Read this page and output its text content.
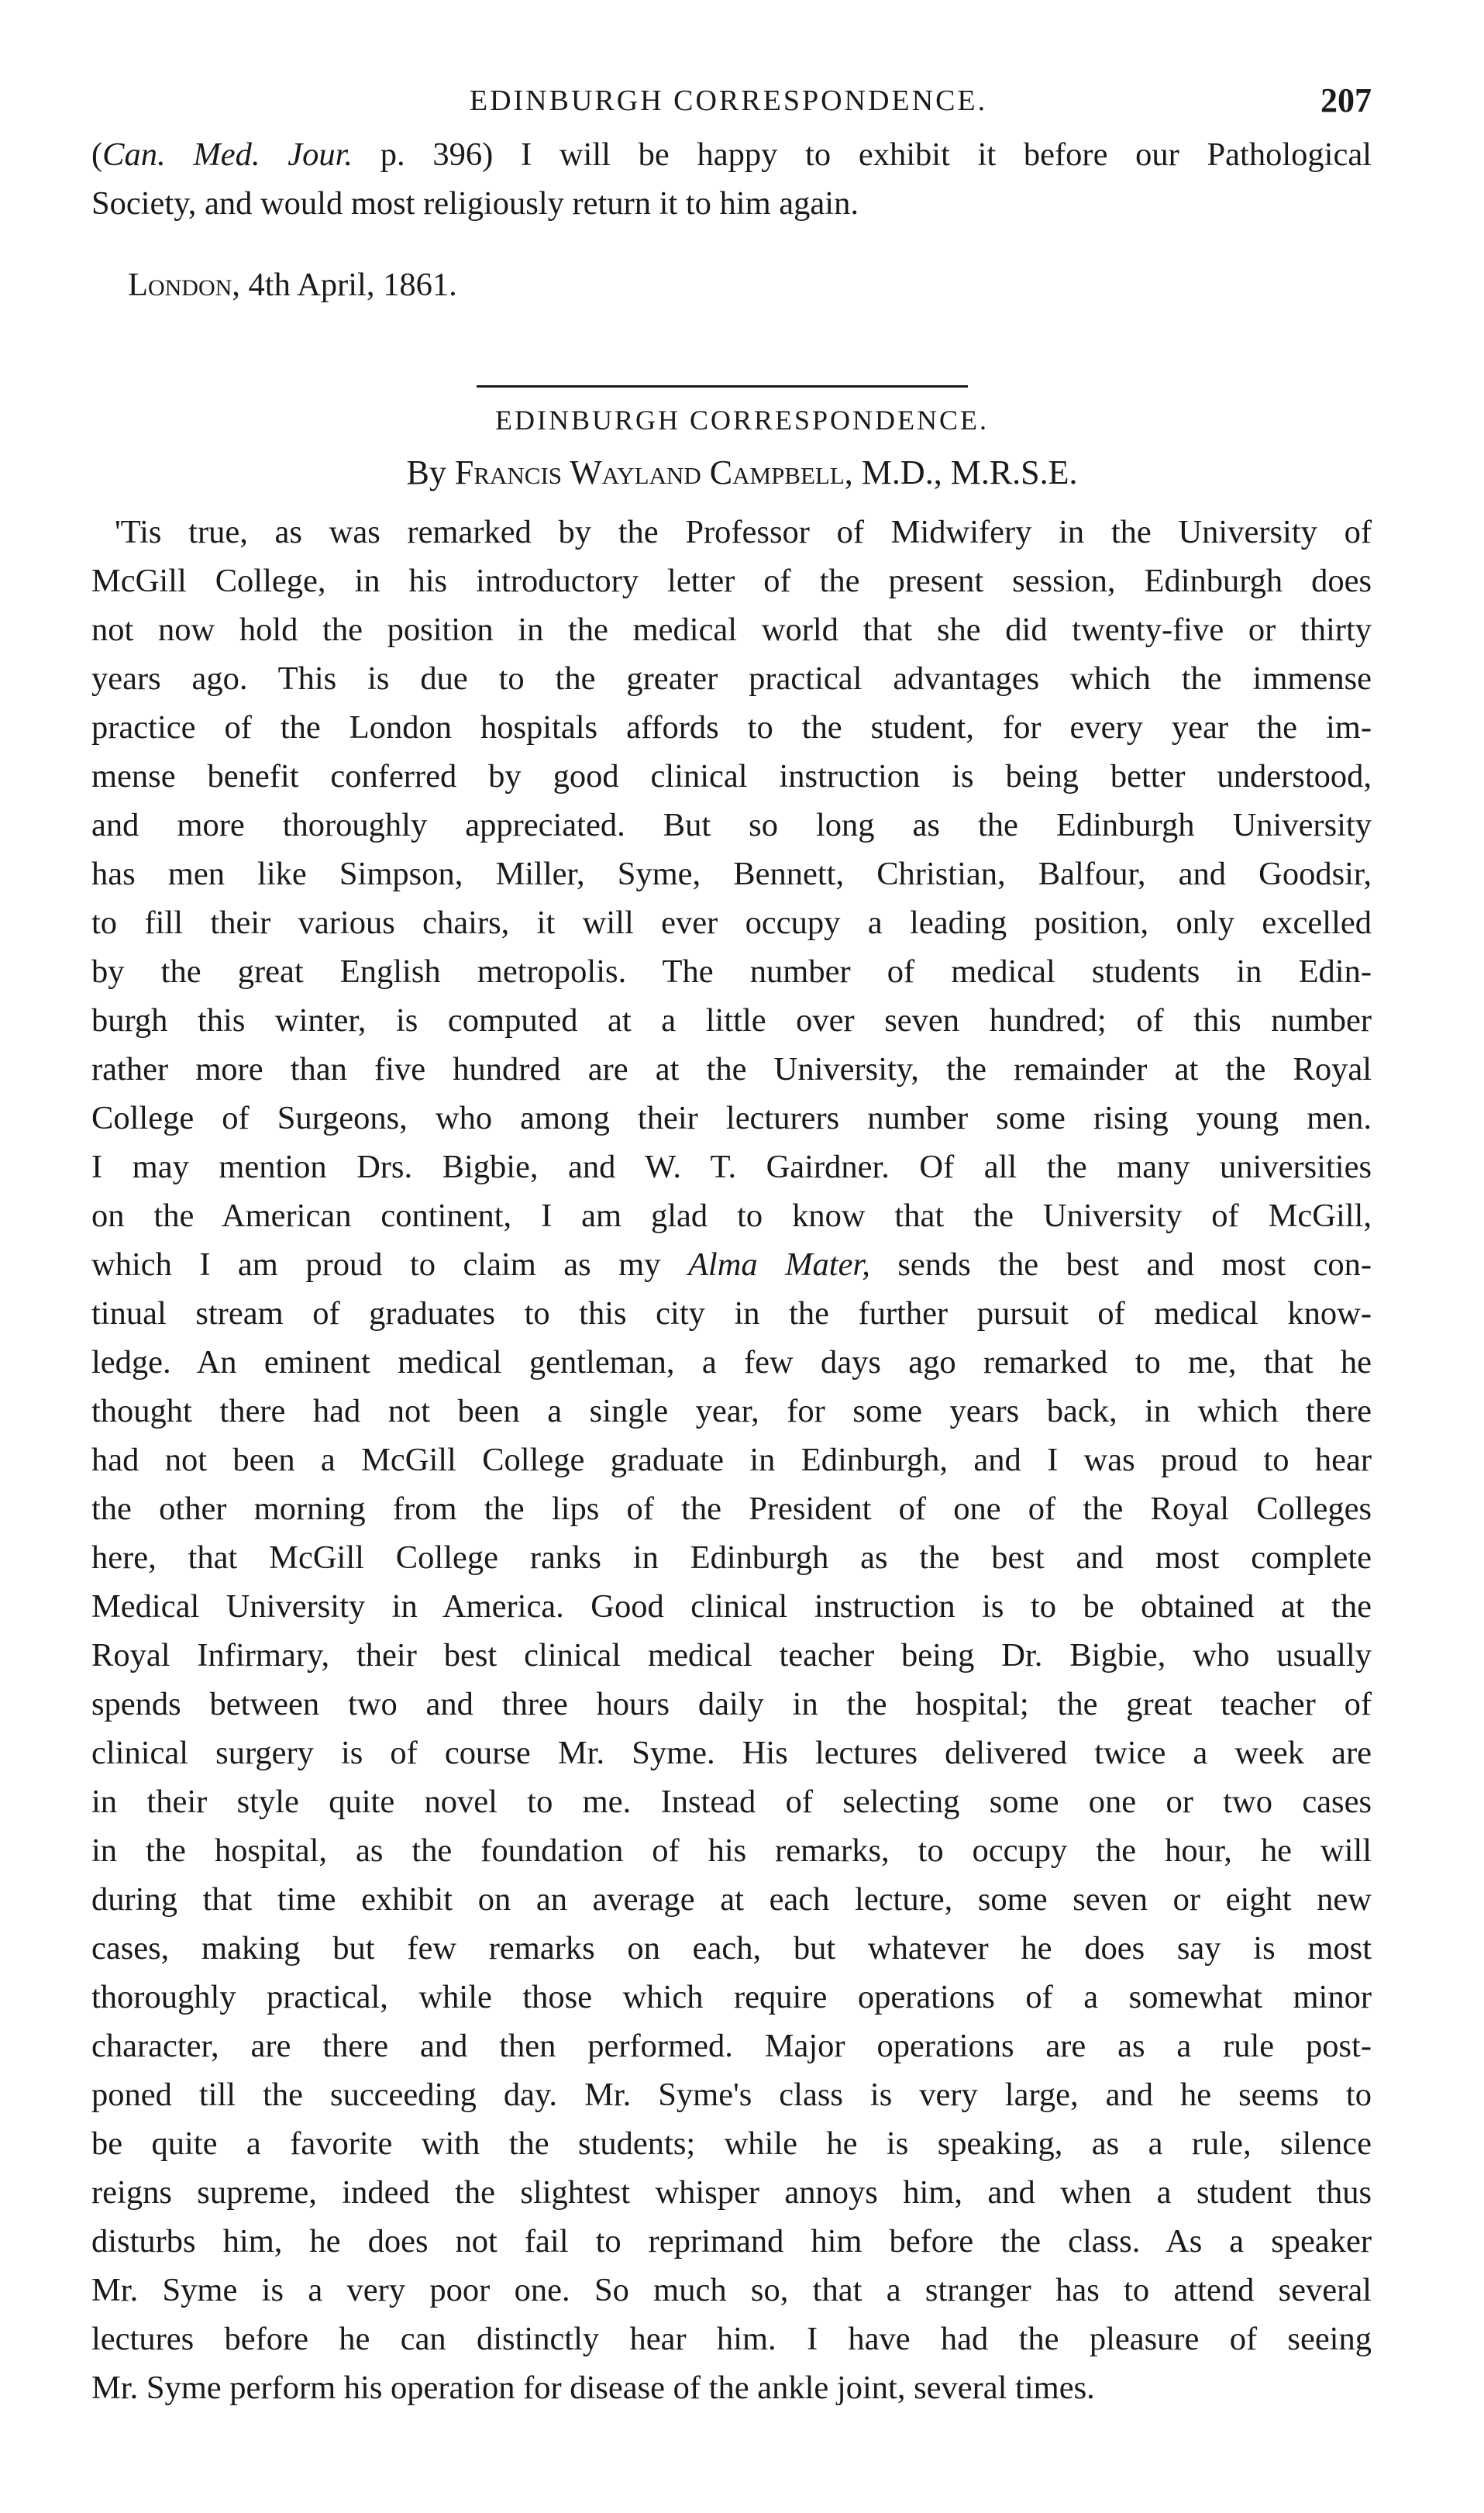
EDINBURGH CORRESPONDENCE.	207
(Can. Med. Jour. p. 396) I will be happy to exhibit it before our Pathological
Society, and would most religiously return it to him again.
London, 4th April, 1861.
EDINBURGH CORRESPONDENCE.
By Francis Wayland Campbell, M.D., M.R.S.E.
'Tis true, as was remarked by the Professor of Midwifery in the University of
McGill College, in his introductory letter of the present session, Edinburgh does
not now hold the position in the medical world that she did twenty-five or thirty
years ago. This is due to the greater practical advantages which the immense
practice of the London hospitals affords to the student, for every year the im-
mense benefit conferred by good clinical instruction is being better understood,
and more thoroughly appreciated. But so long as the Edinburgh University
has men like Simpson, Miller, Syme, Bennett, Christian, Balfour, and Goodsir,
to fill their various chairs, it will ever occupy a leading position, only excelled
by the great English metropolis. The number of medical students in Edin-
burgh this winter, is computed at a little over seven hundred; of this number
rather more than five hundred are at the University, the remainder at the Royal
College of Surgeons, who among their lecturers number some rising young men.
I may mention Drs. Bigbie, and W. T. Gairdner. Of all the many universities
on the American continent, I am glad to know that the University of McGill,
which I am proud to claim as my Alma Mater, sends the best and most con-
tinual stream of graduates to this city in the further pursuit of medical know-
ledge. An eminent medical gentleman, a few days ago remarked to me, that he
thought there had not been a single year, for some years back, in which there
had not been a McGill College graduate in Edinburgh, and I was proud to hear
the other morning from the lips of the President of one of the Royal Colleges
here, that McGill College ranks in Edinburgh as the best and most complete
Medical University in America. Good clinical instruction is to be obtained at the
Royal Infirmary, their best clinical medical teacher being Dr. Bigbie, who usually
spends between two and three hours daily in the hospital; the great teacher of
clinical surgery is of course Mr. Syme. His lectures delivered twice a week are
in their style quite novel to me. Instead of selecting some one or two cases
in the hospital, as the foundation of his remarks, to occupy the hour, he will
during that time exhibit on an average at each lecture, some seven or eight new
cases, making but few remarks on each, but whatever he does say is most
thoroughly practical, while those which require operations of a somewhat minor
character, are there and then performed. Major operations are as a rule post-
poned till the succeeding day. Mr. Syme's class is very large, and he seems to
be quite a favorite with the students; while he is speaking, as a rule, silence
reigns supreme, indeed the slightest whisper annoys him, and when a student thus
disturbs him, he does not fail to reprimand him before the class. As a speaker
Mr. Syme is a very poor one. So much so, that a stranger has to attend several
lectures before he can distinctly hear him. I have had the pleasure of seeing
Mr. Syme perform his operation for disease of the ankle joint, several times.
